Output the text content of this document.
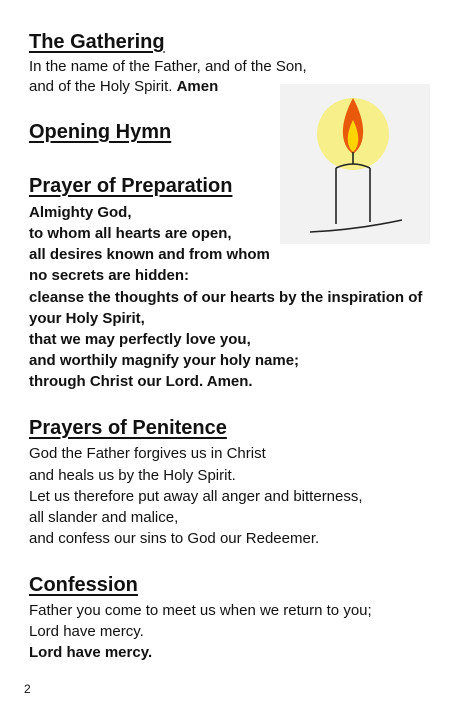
The Gathering
In the name of the Father, and of the Son,
and of the Holy Spirit. Amen
Opening Hymn
Prayer of Preparation
Almighty God,
to whom all hearts are open,
all desires known and from whom
no secrets are hidden:
cleanse the thoughts of our hearts by the inspiration of
your Holy Spirit,
that we may perfectly love you,
and worthily magnify your holy name;
through Christ our Lord. Amen.
Prayers of Penitence
God the Father forgives us in Christ
and heals us by the Holy Spirit.
Let us therefore put away all anger and bitterness,
all slander and malice,
and confess our sins to God our Redeemer.
Confession
Father you come to meet us when we return to you;
Lord have mercy.
Lord have mercy.
2
